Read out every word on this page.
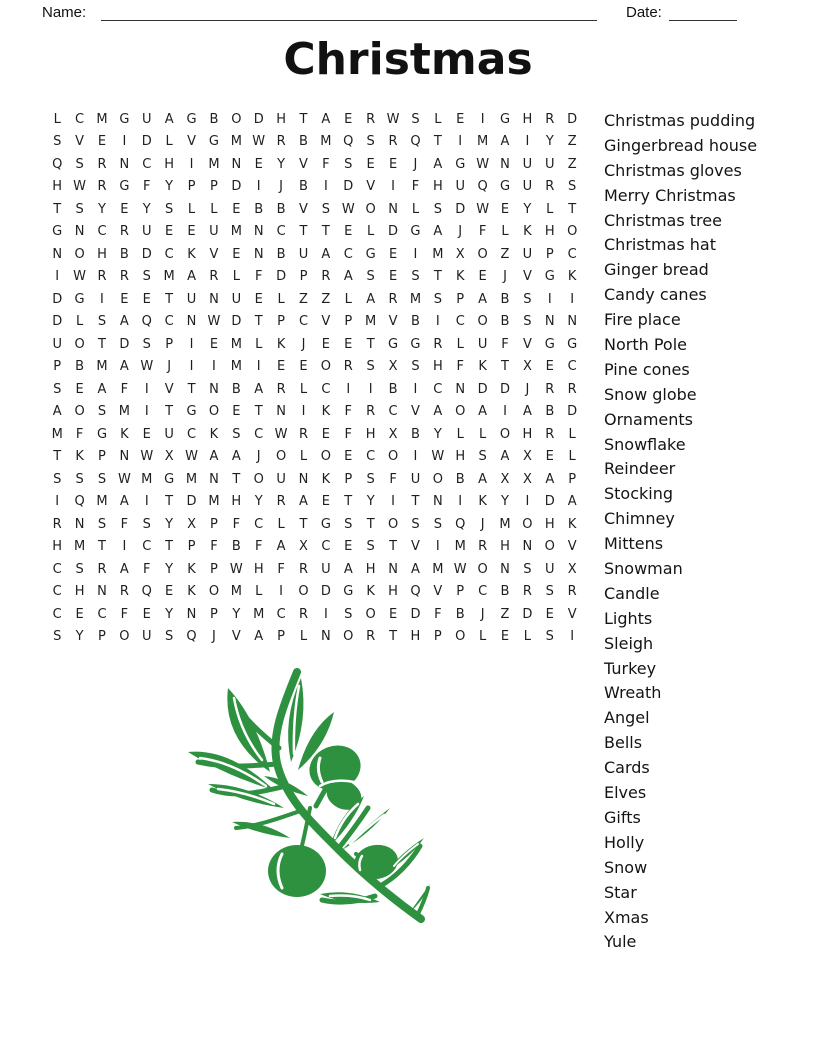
Name:	Date:
Christmas
L	C M G U	A G B O D H	T	A	E	R W S	L	E	I	G H R D
S	V	E	I	D	L	V G M W R	B M Q	S	R Q	T	I	M A	I	Y	Z
Q	S	R	N C H	I	M N	E	Y	V	F	S	E	E	J	A G W N U U	Z
H W R G	F	Y	P	P	D	I	J	B	I	D V	I	F	H U Q G U	R	S
T	S	Y	E	Y	S	L	L	E	B	B	V	S W O N	L	S	D W E	Y	L	T
G N C	R	U	E	E	U M N C	T	T	E	L	D G A	J	F	L	K	H O
N O H	B D C	K	V	E	N	B	U	A	C G	E	I	M X O Z	U	P	C
I	W R	R	S M A	R	L	F	D	P	R	A	S	E	S	T	K	E	J	V G	K
D G	I	E	E	T	U N U	E	L	Z	Z	L	A	R M S	P	A	B	S	I	I
D	L	S	A Q C N W D	T	P	C	V	P M V	B	I	C O B	S	N N
U O	T	D	S	P	I	E M	L	K	J	E	E	T	G G R	L	U	F	V G G
P	B M A W	J	I	I	M	I	E	E	O R	S	X	S	H	F	K	T	X	E	C
S	E	A	F	I	V	T	N	B	A	R	L	C	I	I	B	I	C N D D	J	R	R
A O	S M	I	T	G O	E	T	N	I	K	F	R	C	V	A O A	I	A	B D
M	F	G	K	E	U	C	K	S	C W R	E	F	H	X	B	Y	L	L	O H R	L
T	K	P	N W X W A	A	J	O	L	O	E	C O	I	W H	S	A	X	E	L
S	S	S W M G M N	T	O U N	K	P	S	F	U O B	A	X	X	A	P
I	Q M A	I	T	D M H	Y	R	A	E	T	Y	I	T	N	I	K	Y	I	D A
R	N	S	F	S	Y	X	P	F	C	L	T	G	S	T	O	S	S	Q	J	M O H	K
H M T	I	C	T	P	F	B	F	A	X	C	E	S	T	V	I	M R H N O V
C	S	R	A	F	Y	K	P W H	F	R	U	A	H N	A M W O N	S	U	X
C H N	R Q	E	K	O M	L	I	O D G	K	H Q V	P	C	B	R	S	R
C	E	C	F	E	Y	N	P	Y M C	R	I	S	O	E	D	F	B	J	Z D	E	V
S	Y	P	O U	S	Q	J	V	A	P	L	N O R	T	H	P	O	L	E	L	S	I
Christmas pudding
Gingerbread house
Christmas gloves
Merry Christmas
Christmas tree
Christmas hat
Ginger bread
Candy canes
Fire place
North Pole
Pine cones
Snow globe
Ornaments
Snowflake
Reindeer
Stocking
Chimney
Mittens
Snowman
Candle
Lights
Sleigh
Turkey
Wreath
Angel
Bells
Cards
Elves
Gifts
Holly
Snow
Star
Xmas
Yule
